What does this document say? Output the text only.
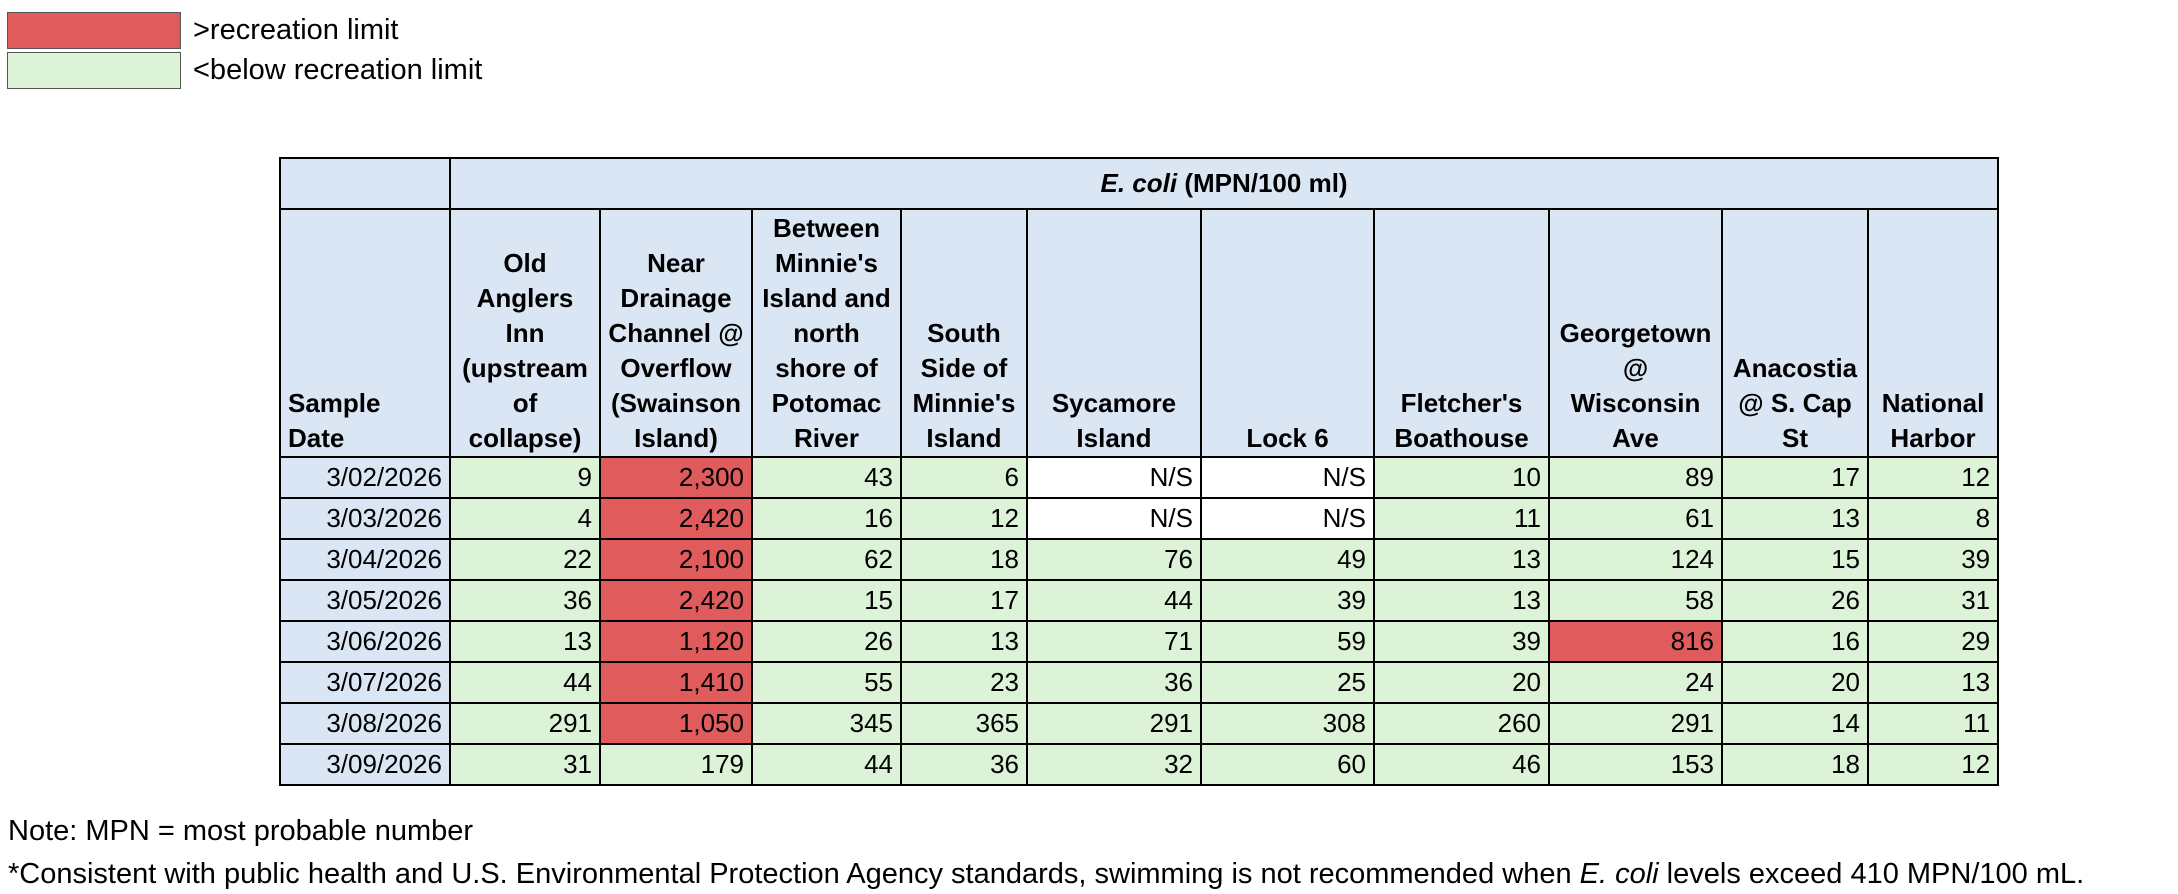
>recreation limit
<below recreation limit
	E. coli (MPN/100 ml)									
Sample Date	Old Anglers Inn (upstream of collapse)	Near Drainage Channel @ Overflow (Swainson Island)	Between Minnie's Island and north shore of Potomac River	South Side of Minnie's Island	Sycamore Island	Lock 6	Fletcher's Boathouse	Georgetown @ Wisconsin Ave	Anacostia @ S. Cap St	National Harbor
3/02/2026	9	2,300	43	6	N/S	N/S	10	89	17	12
3/03/2026	4	2,420	16	12	N/S	N/S	11	61	13	8
3/04/2026	22	2,100	62	18	76	49	13	124	15	39
3/05/2026	36	2,420	15	17	44	39	13	58	26	31
3/06/2026	13	1,120	26	13	71	59	39	816	16	29
3/07/2026	44	1,410	55	23	36	25	20	24	20	13
3/08/2026	291	1,050	345	365	291	308	260	291	14	11
3/09/2026	31	179	44	36	32	60	46	153	18	12
Note: MPN = most probable number
*Consistent with public health and U.S. Environmental Protection Agency standards, swimming is not recommended when E. coli levels exceed 410 MPN/100 mL.
